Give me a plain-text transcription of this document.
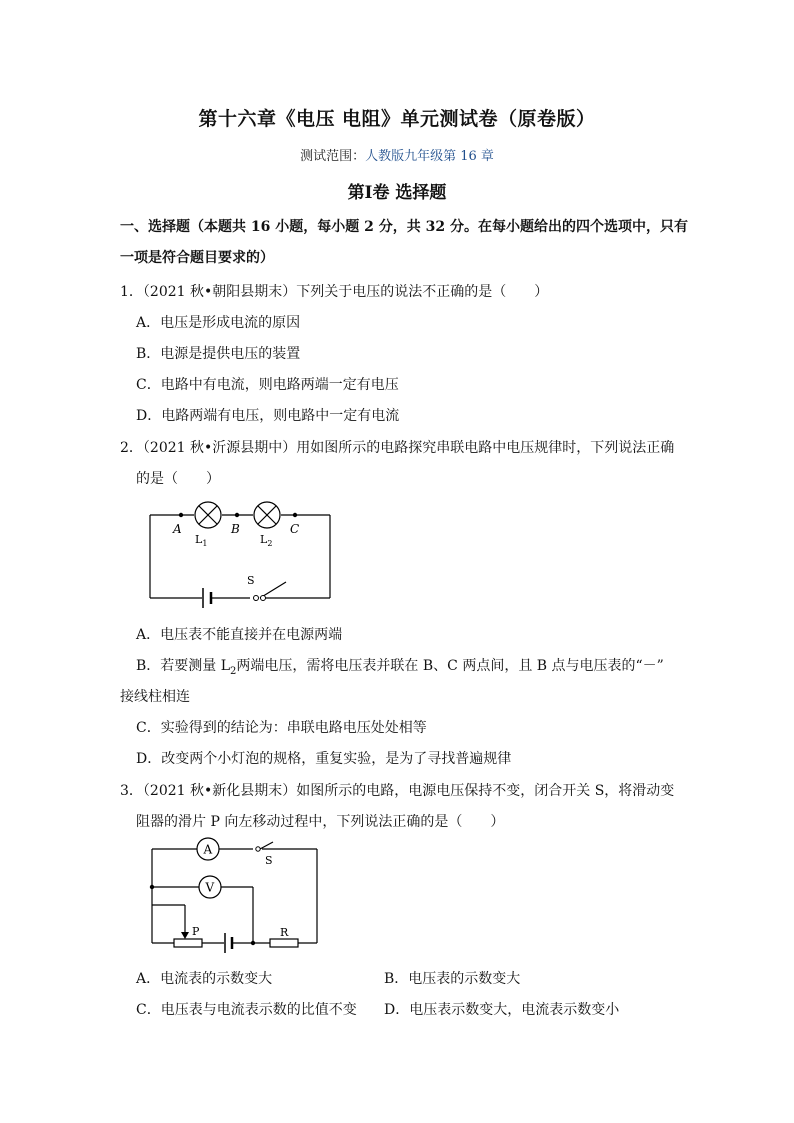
第十六章《电压 电阻》单元测试卷（原卷版）
测试范围：人教版九年级第 16 章
第Ⅰ卷 选择题
一、选择题（本题共 16 小题，每小题 2 分，共 32 分。在每小题给出的四个选项中，只有
一项是符合题目要求的）
1．（2021 秋•朝阳县期末）下列关于电压的说法不正确的是（　　）
A．电压是形成电流的原因
B．电源是提供电压的装置
C．电路中有电流，则电路两端一定有电压
D．电路两端有电压，则电路中一定有电流
2．（2021 秋•沂源县期中）用如图所示的电路探究串联电路中电压规律时，下列说法正确
的是（　　）
A	B	C
$L_1$	$L_2$
S
A．电压表不能直接并在电源两端
B．若要测量 $L_2$两端电压，需将电压表并联在 B、C 两点间，且 B 点与电压表的“－”
接线柱相连
C．实验得到的结论为：串联电路电压处处相等
D．改变两个小灯泡的规格，重复实验，是为了寻找普遍规律
3．（2021 秋•新化县期末）如图所示的电路，电源电压保持不变，闭合开关 S，将滑动变
阻器的滑片 P 向左移动过程中，下列说法正确的是（　　）
A
V
S
P	R
A．电流表的示数变大	B．电压表的示数变大
C．电压表与电流表示数的比值不变 D．电压表示数变大，电流表示数变小
